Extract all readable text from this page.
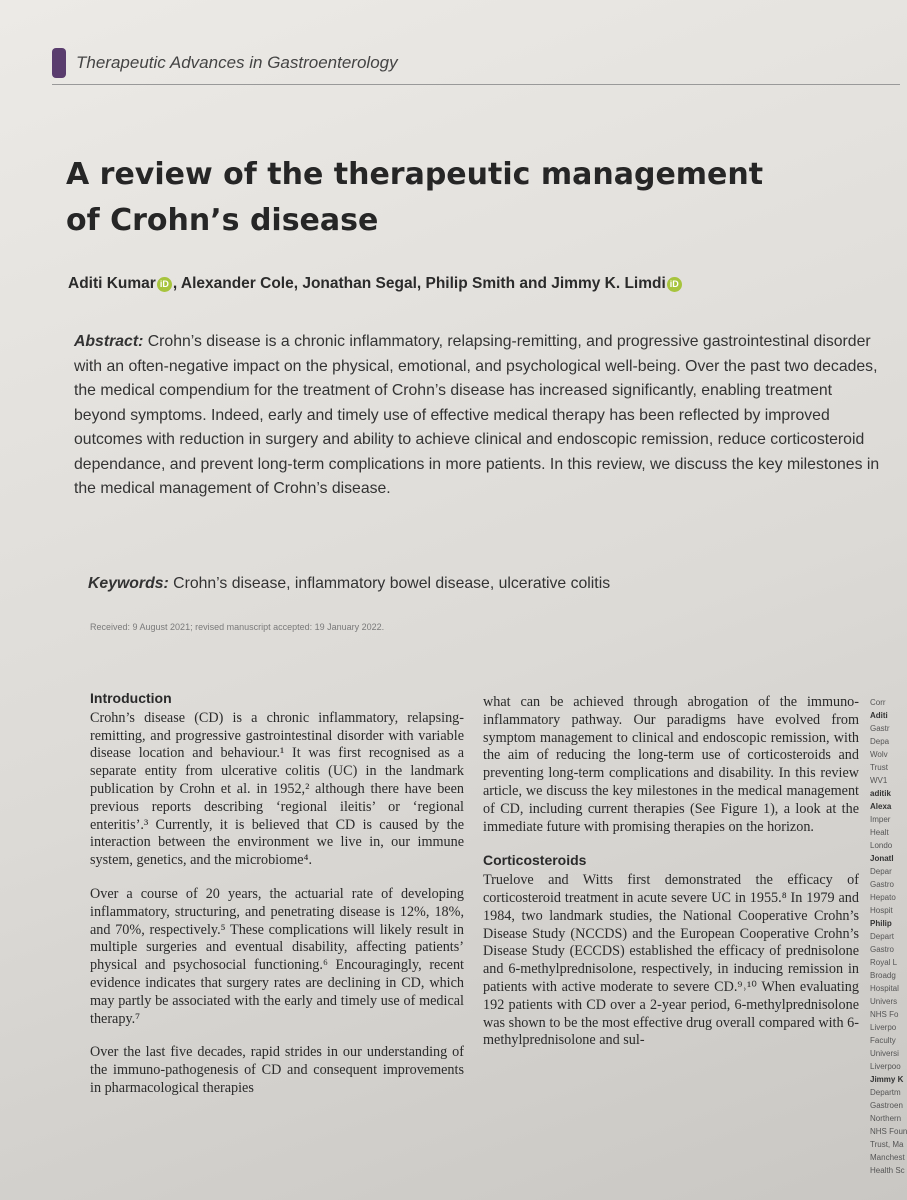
Therapeutic Advances in Gastroenterology
A review of the therapeutic management
of Crohn’s disease
Aditi Kumar iD , Alexander Cole, Jonathan Segal, Philip Smith and Jimmy K. Limdi iD
Abstract: Crohn’s disease is a chronic inflammatory, relapsing-remitting, and progressive gastrointestinal disorder with an often-negative impact on the physical, emotional, and psychological well-being. Over the past two decades, the medical compendium for the treatment of Crohn’s disease has increased significantly, enabling treatment beyond symptoms. Indeed, early and timely use of effective medical therapy has been reflected by improved outcomes with reduction in surgery and ability to achieve clinical and endoscopic remission, reduce corticosteroid dependance, and prevent long-term complications in more patients. In this review, we discuss the key milestones in the medical management of Crohn’s disease.
Keywords: Crohn’s disease, inflammatory bowel disease, ulcerative colitis
Received: 9 August 2021; revised manuscript accepted: 19 January 2022.
Introduction

Crohn’s disease (CD) is a chronic inflammatory, relapsing-remitting, and progressive gastrointestinal disorder with variable disease location and behaviour.¹ It was first recognised as a separate entity from ulcerative colitis (UC) in the landmark publication by Crohn et al. in 1952,² although there have been previous reports describing ‘regional ileitis’ or ‘regional enteritis’.³ Currently, it is believed that CD is caused by the interaction between the environment we live in, our immune system, genetics, and the microbiome⁴.

Over a course of 20 years, the actuarial rate of developing inflammatory, structuring, and penetrating disease is 12%, 18%, and 70%, respectively.⁵ These complications will likely result in multiple surgeries and eventual disability, affecting patients’ physical and psychosocial functioning.⁶ Encouragingly, recent evidence indicates that surgery rates are declining in CD, which may partly be associated with the early and timely use of medical therapy.⁷

Over the last five decades, rapid strides in our understanding of the immuno-pathogenesis of CD and consequent improvements in pharmacological therapies

what can be achieved through abrogation of the immuno-inflammatory pathway. Our paradigms have evolved from symptom management to clinical and endoscopic remission, with the aim of reducing the long-term use of corticosteroids and preventing long-term complications and disability. In this review article, we discuss the key milestones in the medical management of CD, including current therapies (See Figure 1), a look at the immediate future with promising therapies on the horizon.

Corticosteroids

Truelove and Witts first demonstrated the efficacy of corticosteroid treatment in acute severe UC in 1955.⁸ In 1979 and 1984, two landmark studies, the National Cooperative Crohn’s Disease Study (NCCDS) and the European Cooperative Crohn’s Disease Study (ECCDS) established the efficacy of prednisolone and 6-methylprednisolone, respectively, in inducing remission in patients with active moderate to severe CD.⁹˒¹⁰ When evaluating 192 patients with CD over a 2-year period, 6-methylprednisolone was shown to be the most effective drug overall compared with 6-methylprednisolone and sul-

Corr
Aditi
Gastr
Depa
Wolv
Trust
WV1
aditik
Alexa
Imper
Healt
Londo
Jonatl
Depar
Gastro
Hepato
Hospit
Philip
Depart
Gastro
Royal L
Broadg
Hospital
Univers
NHS Fo
Liverpo
Faculty
Universi
Liverpoo
Jimmy K
Departm
Gastroen
Northern
NHS Foun
Trust, Ma
Manchest
Health Sc
